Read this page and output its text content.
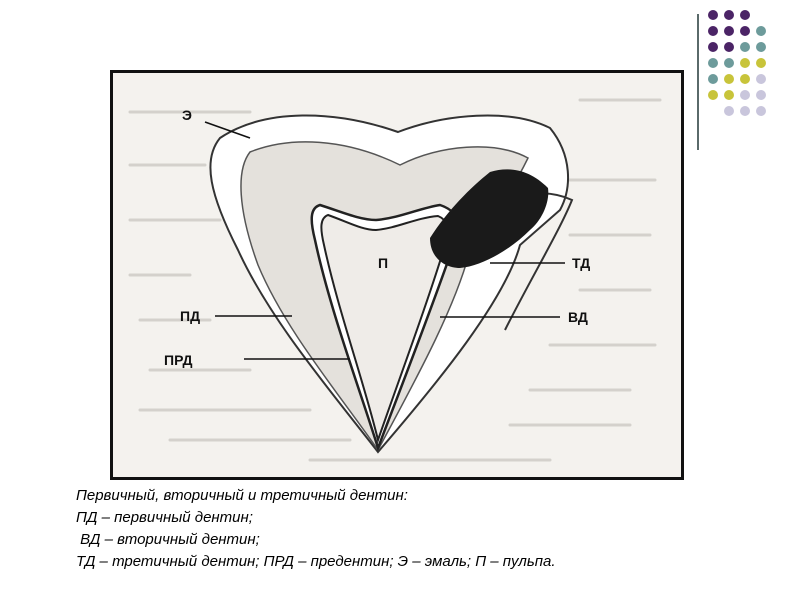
Э
П
ПД
ПРД
ТД
ВД
Первичный, вторичный и третичный дентин:
ПД – первичный дентин;
ВД – вторичный дентин;
ТД – третичный дентин; ПРД – предентин; Э – эмаль; П – пульпа.
